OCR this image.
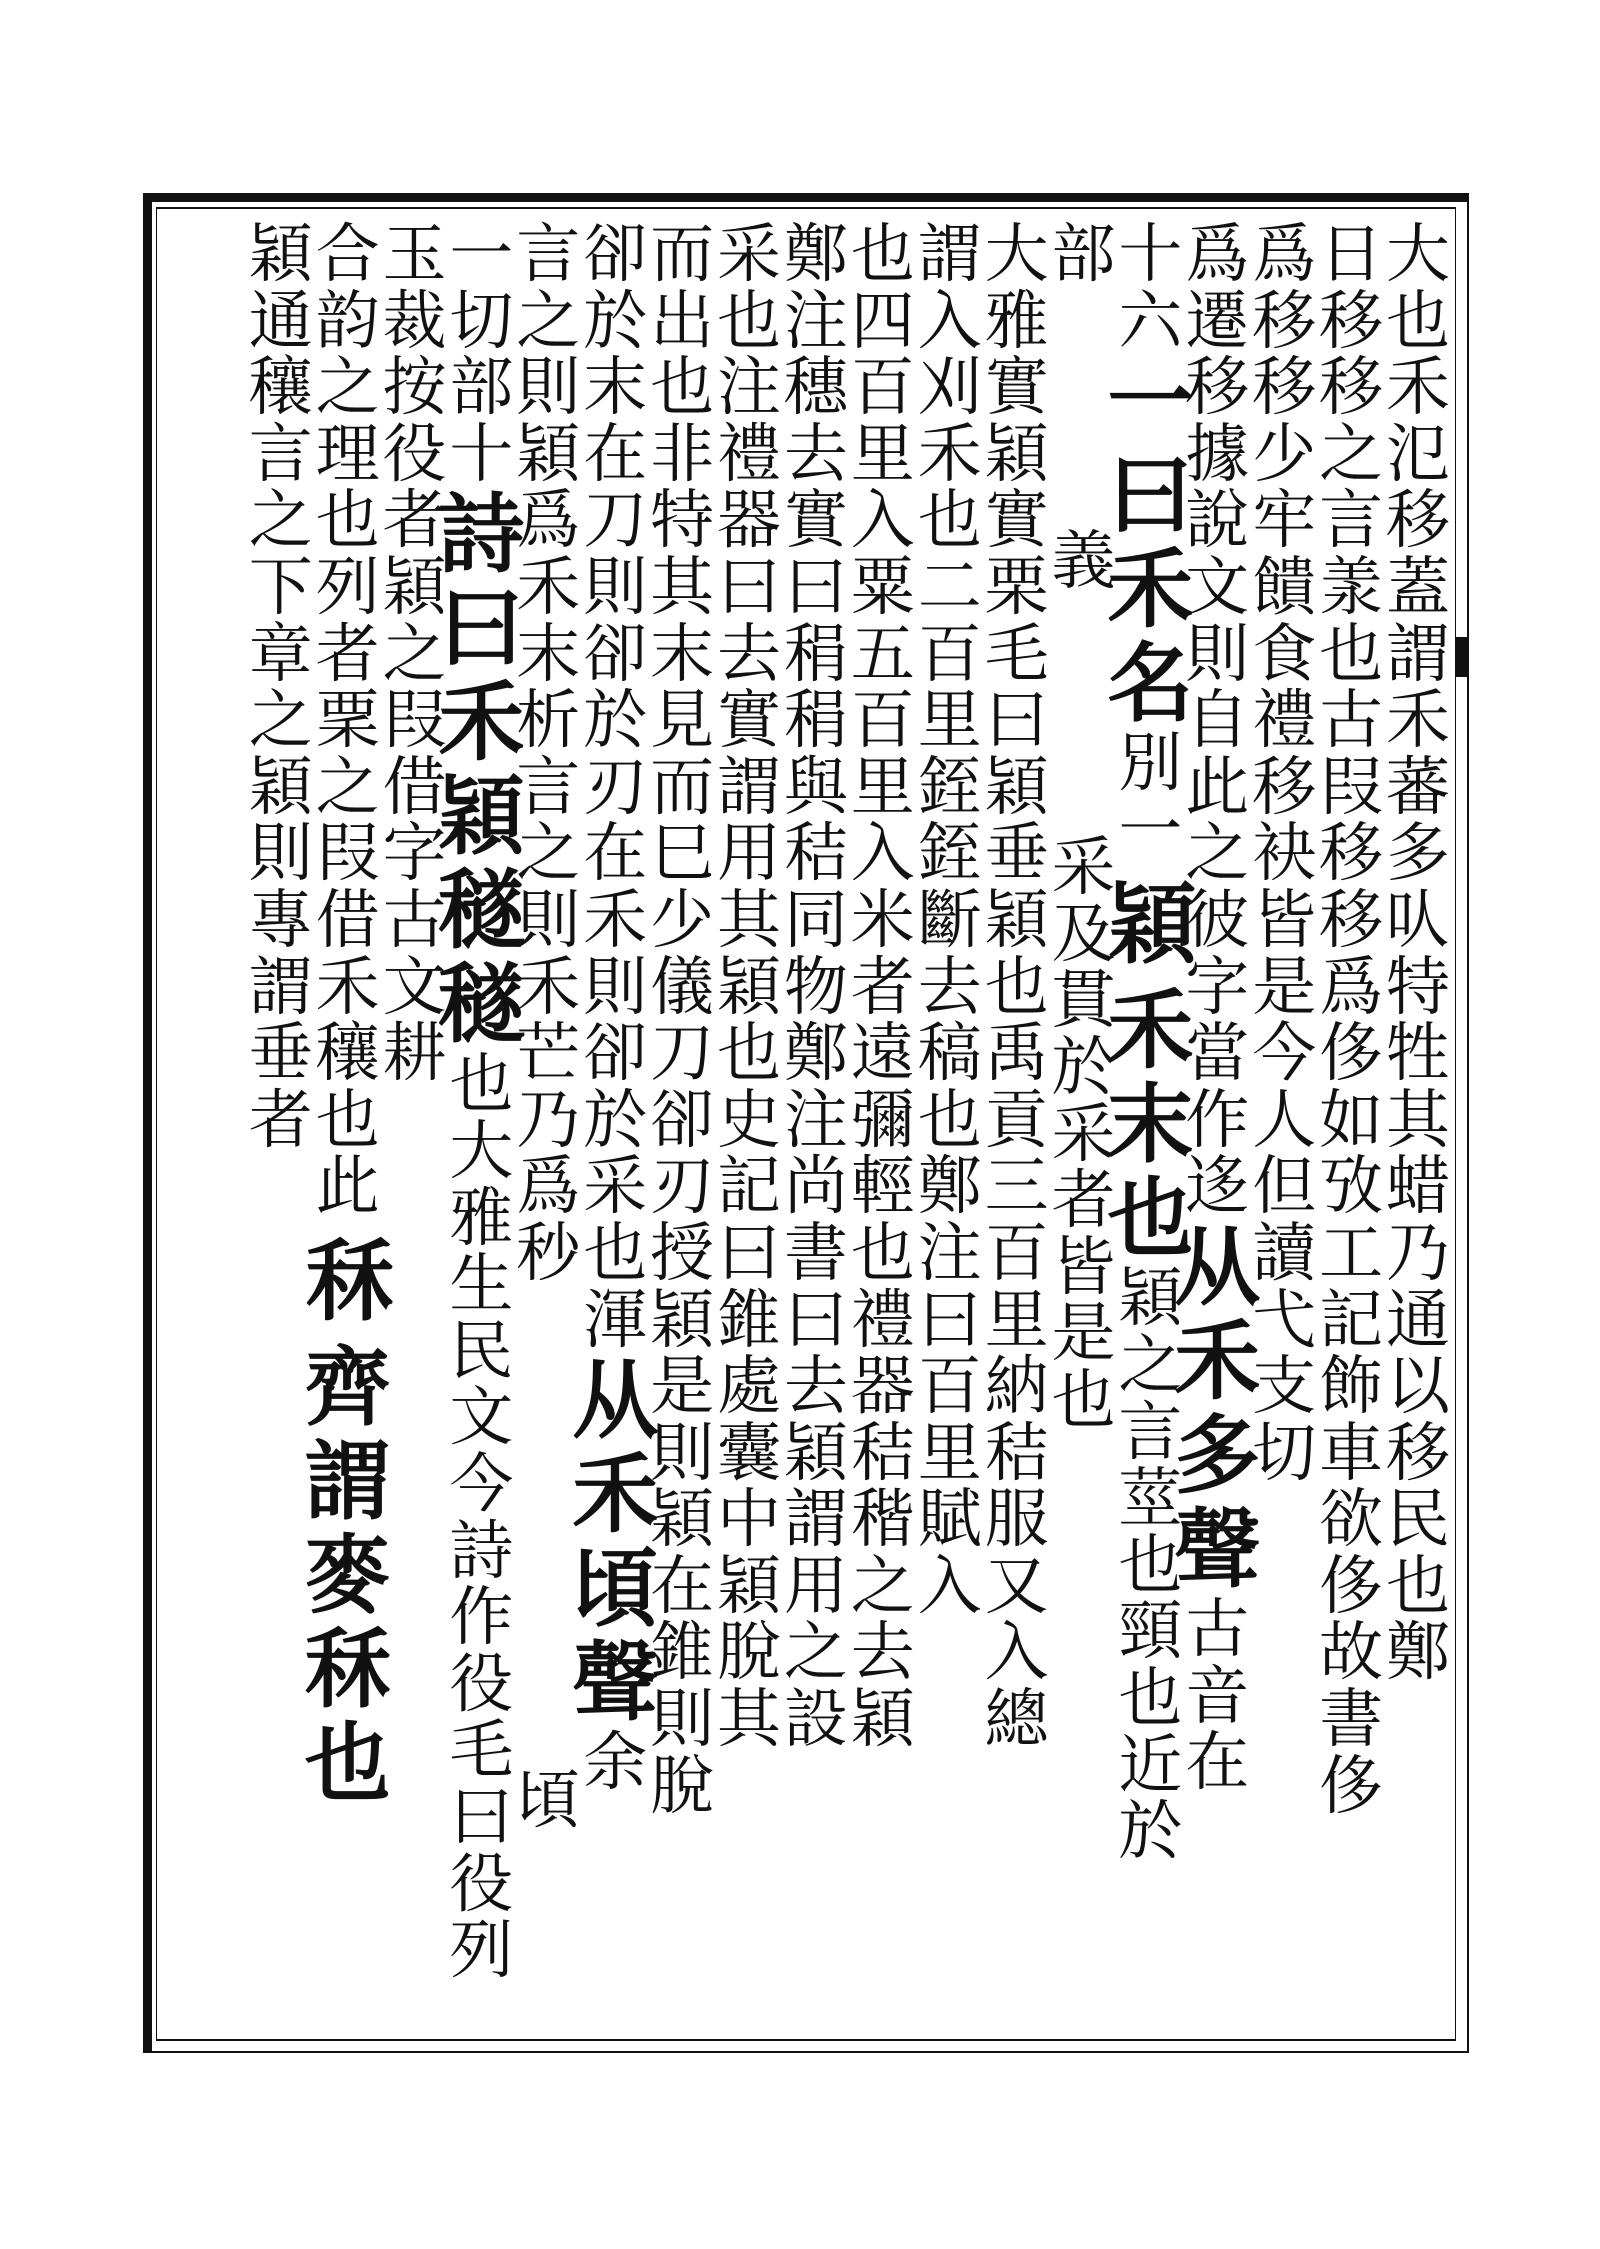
大
也
禾
氾
移
蓋
謂
禾
蕃
多
㕥
特
牲
其
蜡
乃
通
以
移
民
也
鄭
日
移
移
之
言
羕
也
古
叚
移
移
爲
侈
如
攷
工
記
飾
車
欲
侈
故
書
侈
爲
移
移
少
牢
饋
食
禮
移
袂
皆
是
今
人
但
讀
弋
支
切
爲
遷
移
據
說
文
則
自
此
之
彼
字
當
作
迻
从
禾
多
聲
古
音
在
十
六
一
曰
禾
名
別
一
穎
禾
末
也
穎
之
言
莖
也
頸
也
近
於
部
義
采
及
貫
於
采
者
皆
是
也
大
雅
實
穎
實
栗
毛
曰
穎
垂
穎
也
禹
貢
三
百
里
納
秸
服
又
入
總
謂
入
刈
禾
也
二
百
里
銍
銍
斷
去
稿
也
鄭
注
曰
百
里
賦
入
也
四
百
里
入
粟
五
百
里
入
米
者
遠
彌
輕
也
禮
器
秸
稭
之
去
穎
鄭
注
穗
去
實
曰
䅌
䅌
與
秸
同
物
鄭
注
尚
書
曰
去
穎
謂
用
之
設
采
也
注
禮
器
曰
去
實
謂
用
其
穎
也
史
記
曰
錐
處
囊
中
穎
脫
其
而
出
也
非
特
其
末
見
而
巳
少
儀
刀
卻
刃
授
穎
是
則
穎
在
錐
則
脫
卻
於
末
在
刀
則
卻
於
刃
在
禾
則
卻
於
采
也
渾
从
禾
頃
聲
余
言
之
則
穎
爲
禾
末
析
言
之
則
禾
芒
乃
爲
秒
頃
一
切
部
十
詩
曰
禾
穎
穟
穟
也
大
雅
生
民
文
今
詩
作
役
毛
曰
役
列
玉
裁
按
役
者
穎
之
叚
借
字
古
文
耕
合
韵
之
理
也
列
者
䅇
之
叚
借
禾
穰
也
此
秝
齊
謂
麥
秝
也
穎
通
穰
言
之
下
章
之
穎
則
專
謂
垂
者
